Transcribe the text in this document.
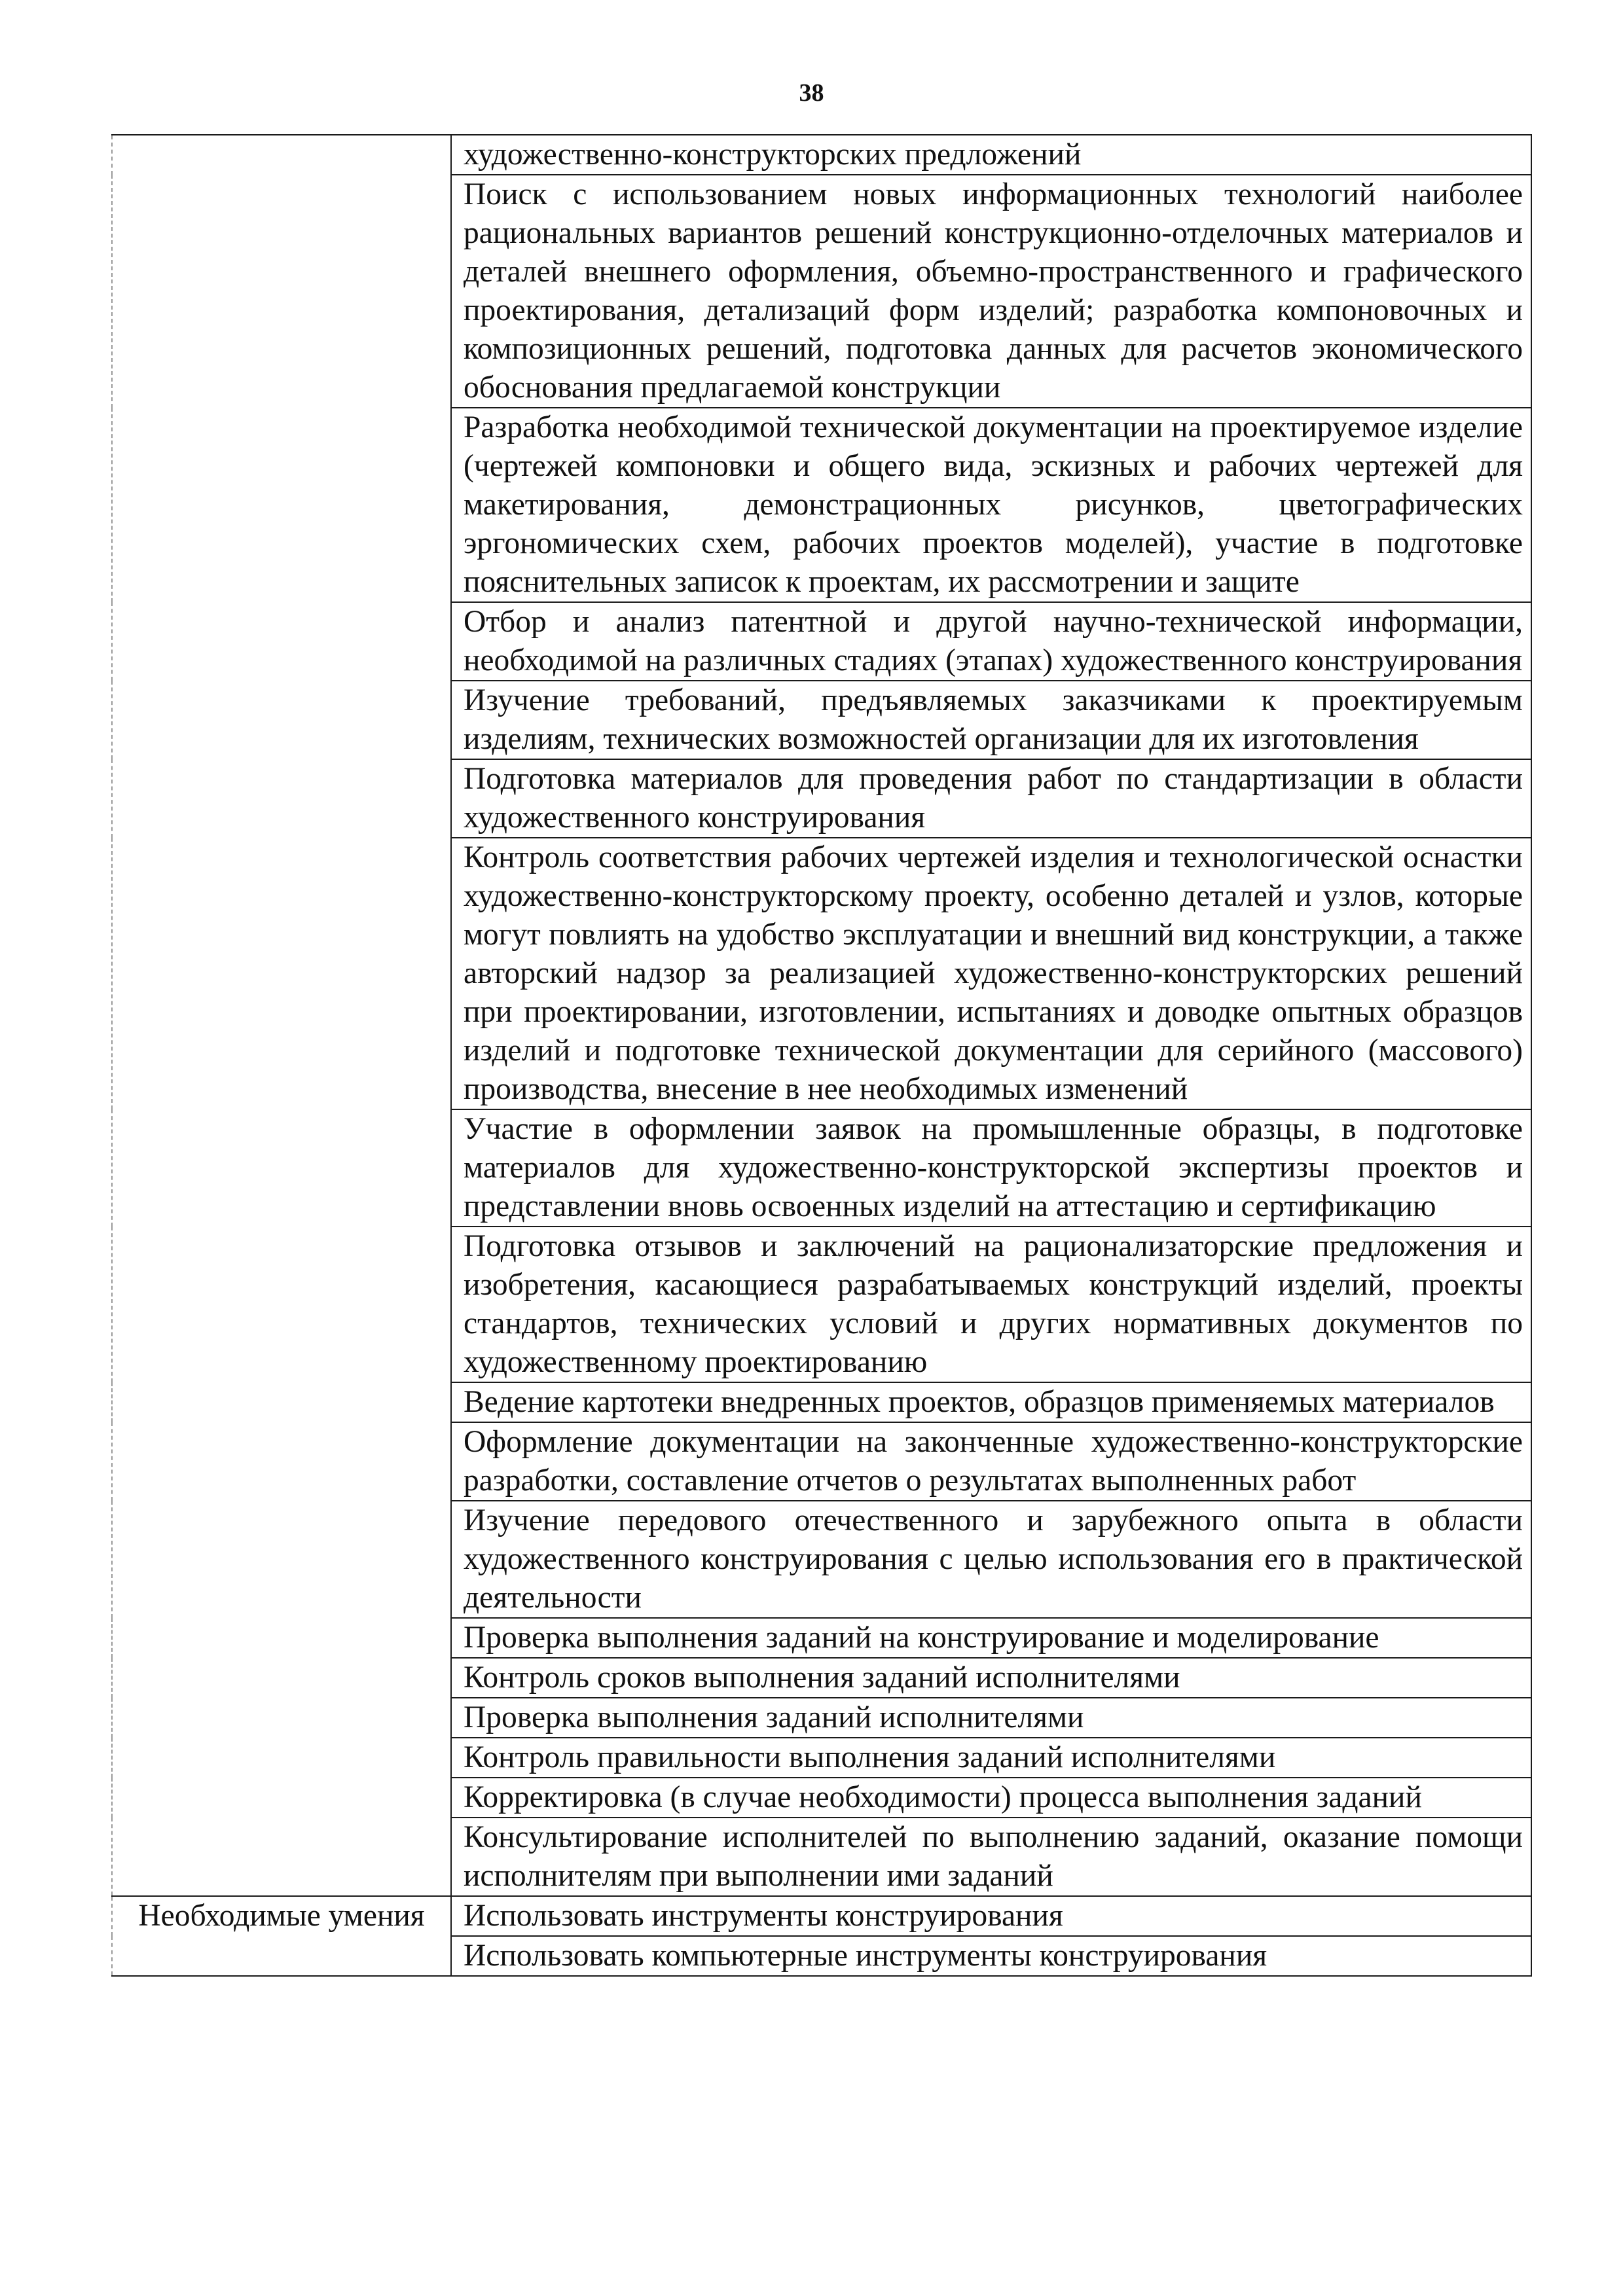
38
	художественно-конструкторских предложений
	Поиск с использованием новых информационных технологий наиболее рациональных вариантов решений конструкционно-отделочных материалов и деталей внешнего оформления, объемно-пространственного и графического проектирования, детализаций форм изделий; разработка компоновочных и композиционных решений, подготовка данных для расчетов экономического обоснования предлагаемой конструкции
	Разработка необходимой технической документации на проектируемое изделие (чертежей компоновки и общего вида, эскизных и рабочих чертежей для макетирования, демонстрационных рисунков, цветографических эргономических схем, рабочих проектов моделей), участие в подготовке пояснительных записок к проектам, их рассмотрении и защите
	Отбор и анализ патентной и другой научно-технической информации, необходимой на различных стадиях (этапах) художественного конструирования
	Изучение требований, предъявляемых заказчиками к проектируемым изделиям, технических возможностей организации для их изготовления
	Подготовка материалов для проведения работ по стандартизации в области художественного конструирования
	Контроль соответствия рабочих чертежей изделия и технологической оснастки художественно-конструкторскому проекту, особенно деталей и узлов, которые могут повлиять на удобство эксплуатации и внешний вид конструкции, а также авторский надзор за реализацией художественно-конструкторских решений при проектировании, изготовлении, испытаниях и доводке опытных образцов изделий и подготовке технической документации для серийного (массового) производства, внесение в нее необходимых изменений
	Участие в оформлении заявок на промышленные образцы, в подготовке материалов для художественно-конструкторской экспертизы проектов и представлении вновь освоенных изделий на аттестацию и сертификацию
	Подготовка отзывов и заключений на рационализаторские предложения и изобретения, касающиеся разрабатываемых конструкций изделий, проекты стандартов, технических условий и других нормативных документов по художественному проектированию
	Ведение картотеки внедренных проектов, образцов применяемых материалов
	Оформление документации на законченные художественно-конструкторские разработки, составление отчетов о результатах выполненных работ
	Изучение передового отечественного и зарубежного опыта в области художественного конструирования с целью использования его в практической деятельности
	Проверка выполнения заданий на конструирование и моделирование
	Контроль сроков выполнения заданий исполнителями
	Проверка выполнения заданий исполнителями
	Контроль правильности выполнения заданий исполнителями
	Корректировка (в случае необходимости) процесса выполнения заданий
	Консультирование исполнителей по выполнению заданий, оказание помощи исполнителям при выполнении ими заданий
Необходимые умения	Использовать инструменты конструирования
	Использовать компьютерные инструменты конструирования
